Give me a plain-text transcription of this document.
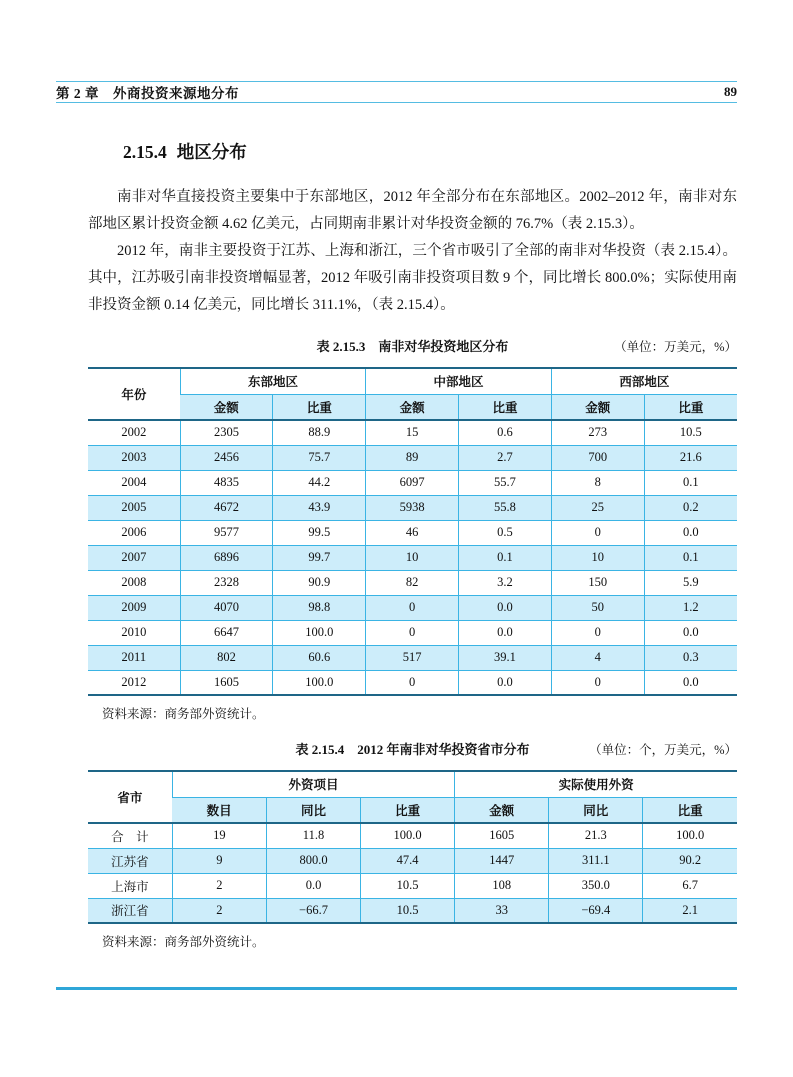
第 2 章　外商投资来源地分布	89
2.15.4 地区分布

南非对华直接投资主要集中于东部地区，2012 年全部分布在东部地区。2002–2012 年，南非对东部地区累计投资金额 4.62 亿美元，占同期南非累计对华投资金额的 76.7%（表 2.15.3）。

2012 年，南非主要投资于江苏、上海和浙江，三个省市吸引了全部的南非对华投资（表 2.15.4）。其中，江苏吸引南非投资增幅显著，2012 年吸引南非投资项目数 9 个，同比增长 800.0%；实际使用南非投资金额 0.14 亿美元，同比增长 311.1%，（表 2.15.4）。

表 2.15.3　南非对华投资地区分布	（单位：万美元，%）
年份	东部地区		中部地区		西部地区	
	金额	比重	金额	比重	金额	比重
2002	2305	88.9	15	0.6	273	10.5
2003	2456	75.7	89	2.7	700	21.6
2004	4835	44.2	6097	55.7	8	0.1
2005	4672	43.9	5938	55.8	25	0.2
2006	9577	99.5	46	0.5	0	0.0
2007	6896	99.7	10	0.1	10	0.1
2008	2328	90.9	82	3.2	150	5.9
2009	4070	98.8	0	0.0	50	1.2
2010	6647	100.0	0	0.0	0	0.0
2011	802	60.6	517	39.1	4	0.3
2012	1605	100.0	0	0.0	0	0.0
资料来源：商务部外资统计。
表 2.15.4　2012 年南非对华投资省市分布	（单位：个，万美元，%）
省市	外资项目			实际使用外资		
	数目	同比	比重	金额	同比	比重
合　计	19	11.8	100.0	1605	21.3	100.0
江苏省	9	800.0	47.4	1447	311.1	90.2
上海市	2	0.0	10.5	108	350.0	6.7
浙江省	2	−66.7	10.5	33	−69.4	2.1
资料来源：商务部外资统计。
